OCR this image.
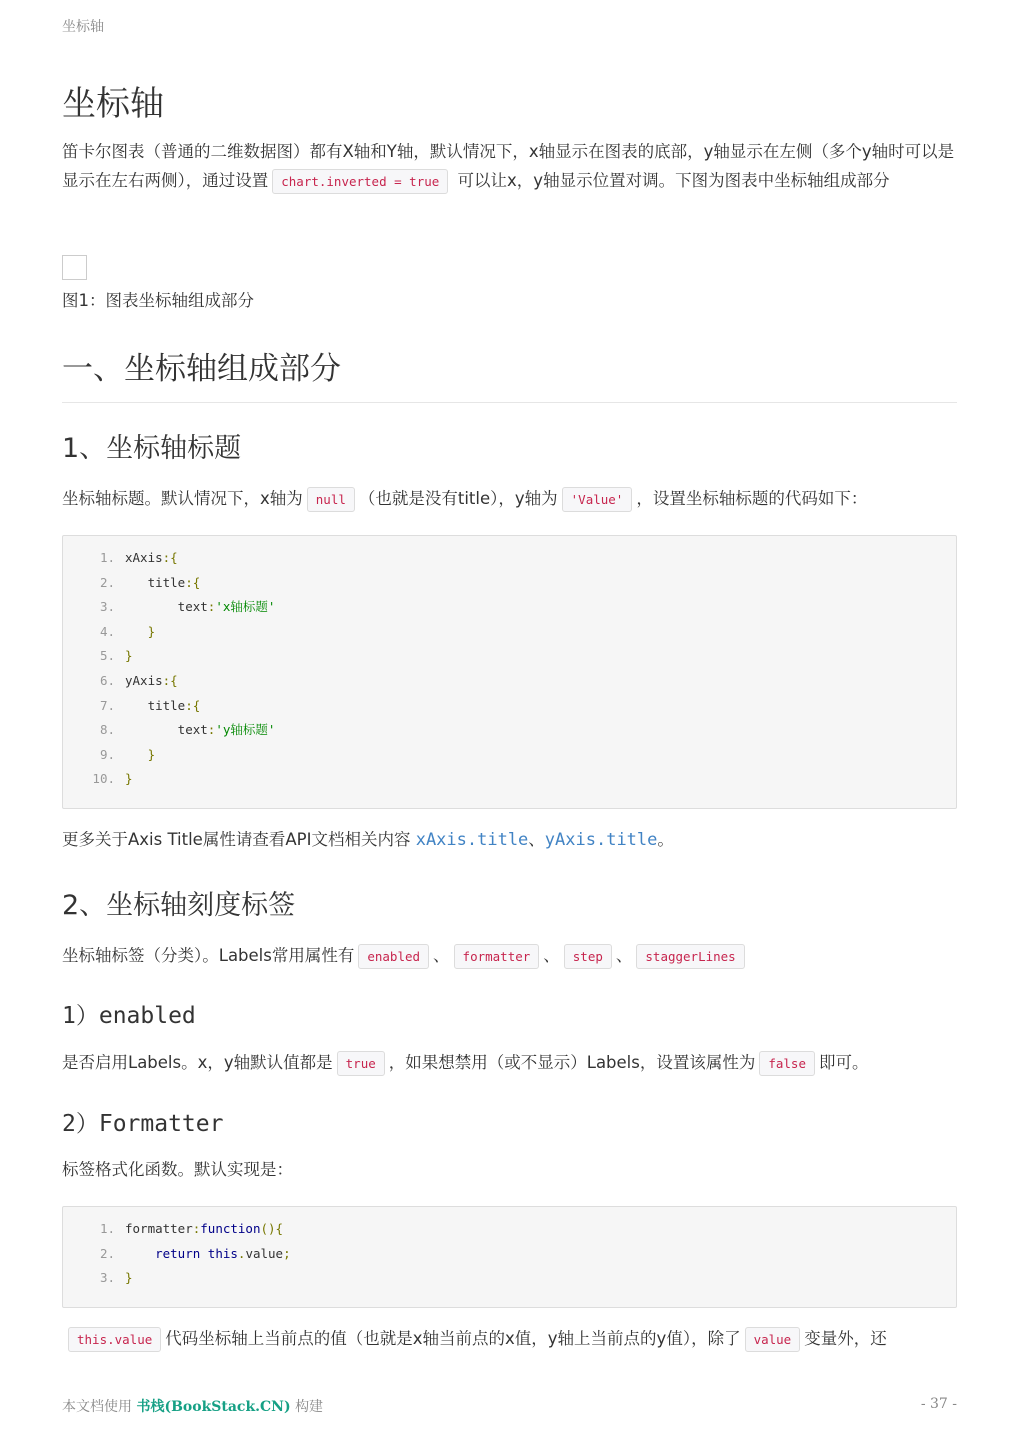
坐标轴
坐标轴

笛卡尔图表（普通的二维数据图）都有X轴和Y轴，默认情况下，x轴显示在图表的底部，y轴显示在左侧（多个y轴时可以是显示在左右两侧），通过设置 chart.inverted = true 可以让x，y轴显示位置对调。下图为图表中坐标轴组成部分

图1：图表坐标轴组成部分

一、坐标轴组成部分
1、坐标轴标题

坐标轴标题。默认情况下，x轴为 null （也就是没有title），y轴为 'Value' ，设置坐标轴标题的代码如下：

1. xAxis:{
2.   title:{
3.       text:'x轴标题'
4.   }
5. }
6. yAxis:{
7.   title:{
8.       text:'y轴标题'
9.   }
10. }

更多关于Axis Title属性请查看API文档相关内容 xAxis.title、yAxis.title。

2、坐标轴刻度标签

坐标轴标签（分类）。Labels常用属性有 enabled 、 formatter 、 step 、 staggerLines

1）enabled

是否启用Labels。x，y轴默认值都是 true ，如果想禁用（或不显示）Labels，设置该属性为 false 即可。

2）Formatter

标签格式化函数。默认实现是：

1. formatter:function(){
2.	return this.value;
3. }

this.value 代码坐标轴上当前点的值（也就是x轴当前点的x值，y轴上当前点的y值），除了 value 变量外，还

本文档使用 书栈(BookStack.CN) 构建	- 37 -
